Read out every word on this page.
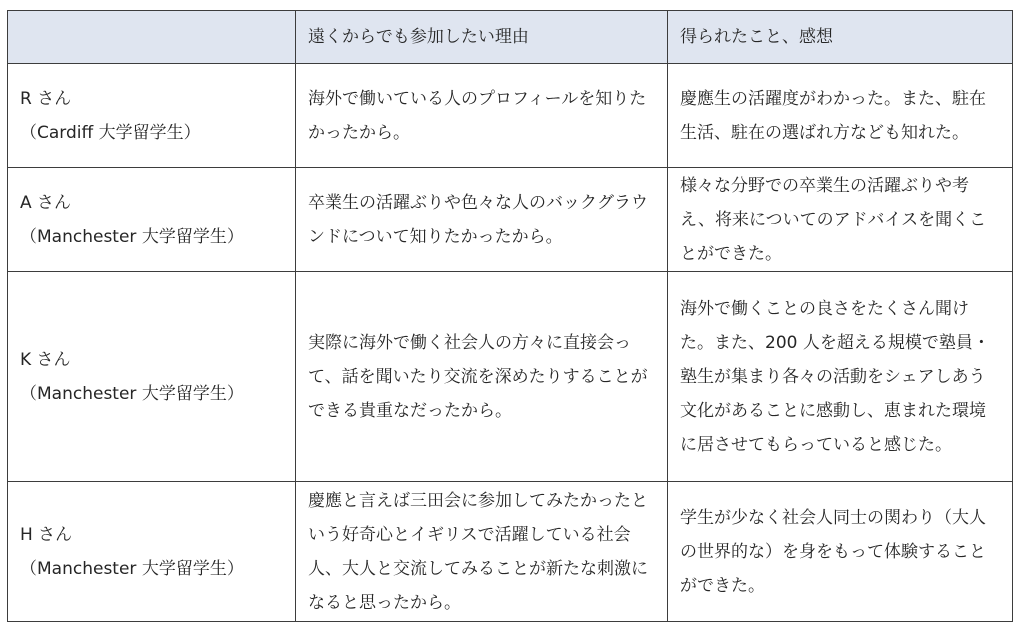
	遠くからでも参加したい理由	得られたこと、感想

R さん
（Cardiff 大学留学生）	海外で働いている人のプロフィールを知りたかったから。	慶應生の活躍度がわかった。また、駐在生活、駐在の選ばれ方なども知れた。

A さん
（Manchester 大学留学生）	卒業生の活躍ぶりや色々な人のバックグラウンドについて知りたかったから。	様々な分野での卒業生の活躍ぶりや考え、将来についてのアドバイスを聞くことができた。

K さん
（Manchester 大学留学生）	実際に海外で働く社会人の方々に直接会って、話を聞いたり交流を深めたりすることができる貴重なだったから。	海外で働くことの良さをたくさん聞けた。また、200 人を超える規模で塾員・塾生が集まり各々の活動をシェアしあう文化があることに感動し、恵まれた環境に居させてもらっていると感じた。

H さん
（Manchester 大学留学生）	慶應と言えば三田会に参加してみたかったという好奇心とイギリスで活躍している社会人、大人と交流してみることが新たな刺激になると思ったから。	学生が少なく社会人同士の関わり（大人の世界的な）を身をもって体験することができた。
